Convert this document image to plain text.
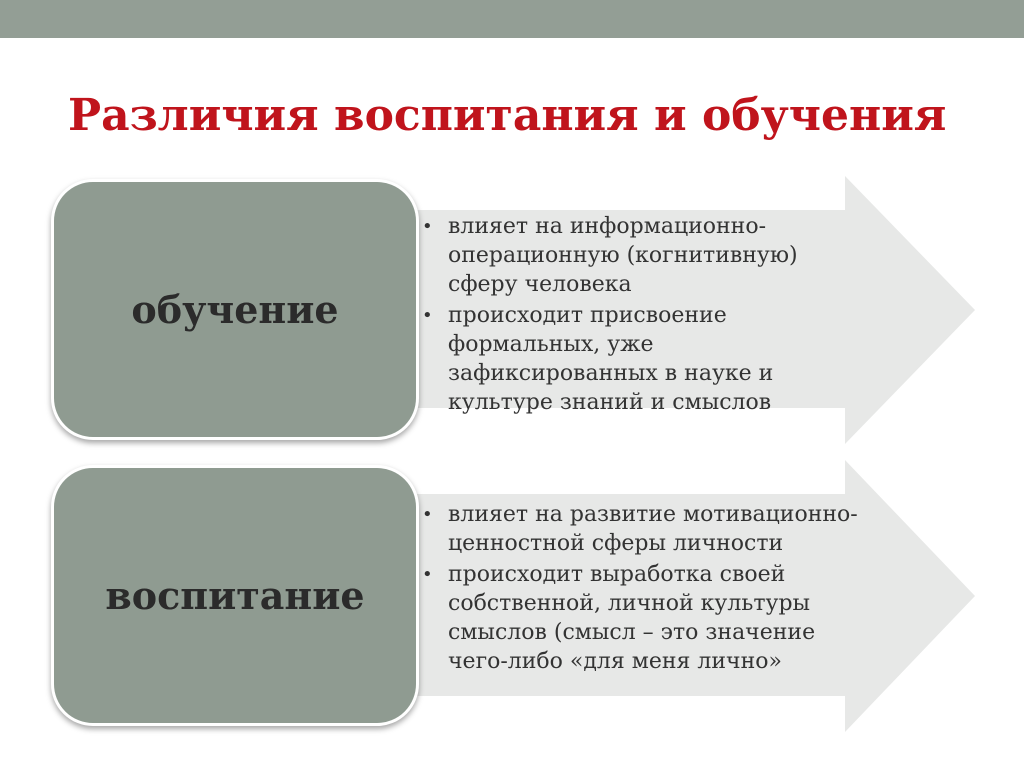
Различия воспитания и обучения
обучение
• влияет на информационно-операционную (когнитивную) сферу человека
• происходит присвоение формальных, уже зафиксированных в науке и культуре знаний и смыслов
воспитание
• влияет на развитие мотивационно-ценностной сферы личности
• происходит выработка своей собственной, личной культуры смыслов (смысл – это значение чего-либо «для меня лично»
